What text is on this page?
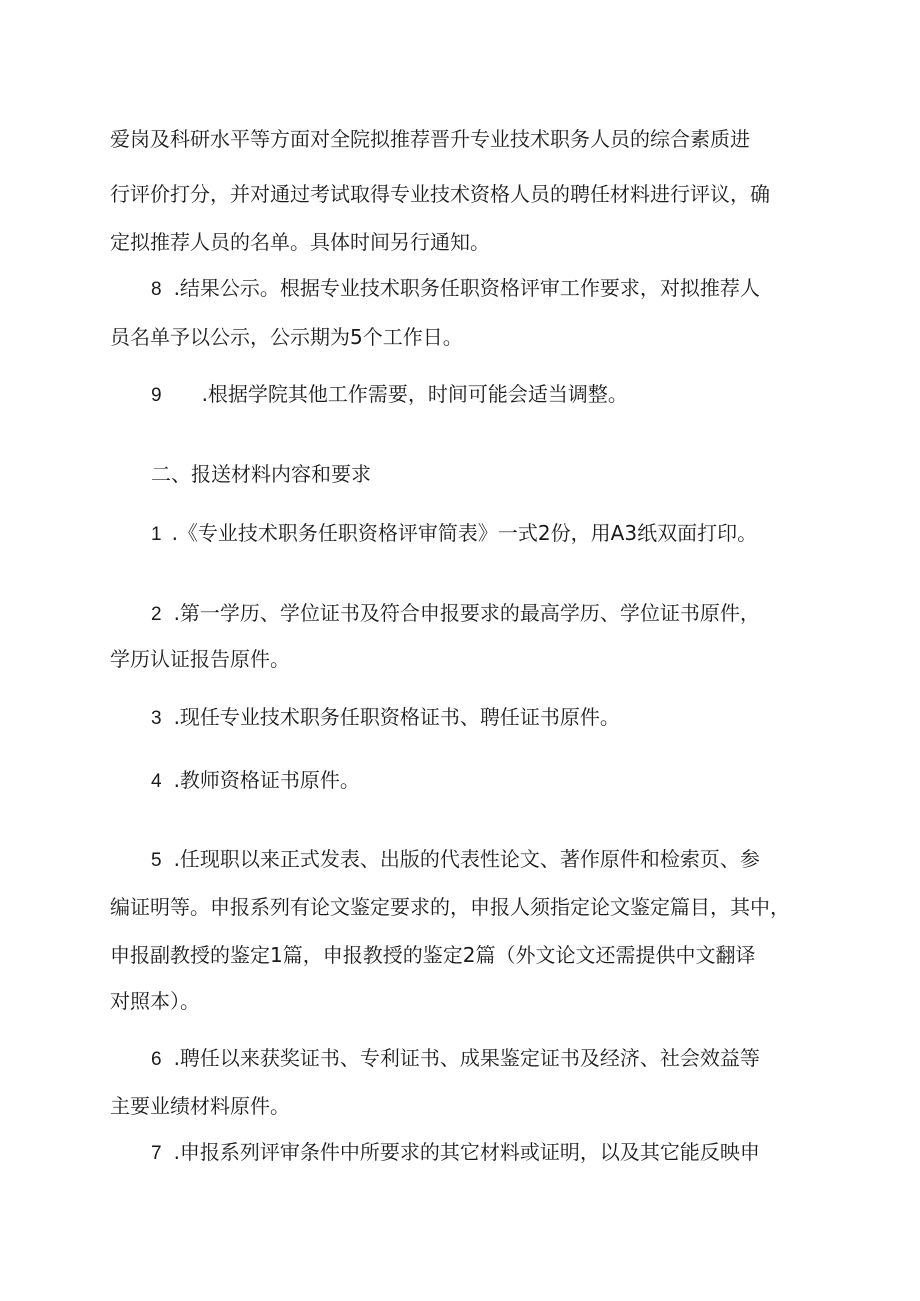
爱岗及科研水平等方面对全院拟推荐晋升专业技术职务人员的综合素质进
行评价打分，并对通过考试取得专业技术资格人员的聘任材料进行评议，确
定拟推荐人员的名单。具体时间另行通知。
8 .结果公示。根据专业技术职务任职资格评审工作要求，对拟推荐人
员名单予以公示，公示期为5个工作日。
9 .根据学院其他工作需要，时间可能会适当调整。
二、报送材料内容和要求
1 .《专业技术职务任职资格评审简表》一式2份，用A3纸双面打印。
2 .第一学历、学位证书及符合申报要求的最高学历、学位证书原件，
学历认证报告原件。
3 .现任专业技术职务任职资格证书、聘任证书原件。
4 .教师资格证书原件。
5 .任现职以来正式发表、出版的代表性论文、著作原件和检索页、参
编证明等。申报系列有论文鉴定要求的，申报人须指定论文鉴定篇目，其中，
申报副教授的鉴定1篇，申报教授的鉴定2篇（外文论文还需提供中文翻译
对照本）。
6 .聘任以来获奖证书、专利证书、成果鉴定证书及经济、社会效益等
主要业绩材料原件。
7 .申报系列评审条件中所要求的其它材料或证明，以及其它能反映申
